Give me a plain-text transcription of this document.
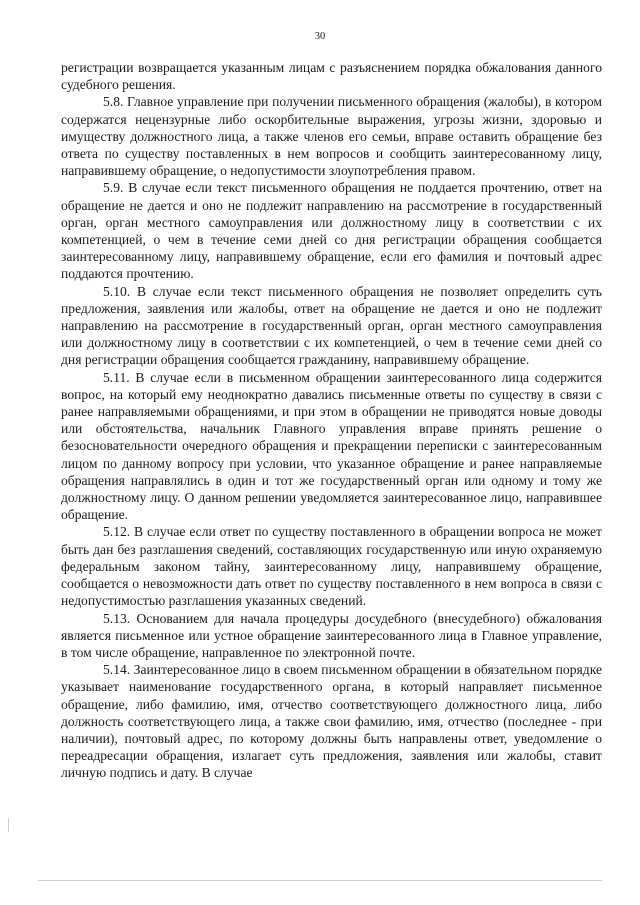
30

регистрации возвращается указанным лицам с разъяснением порядка обжалования данного судебного решения.

5.8. Главное управление при получении письменного обращения (жалобы), в котором содержатся нецензурные либо оскорбительные выражения, угрозы жизни, здоровью и имуществу должностного лица, а также членов его семьи, вправе оставить обращение без ответа по существу поставленных в нем вопросов и сообщить заинтересованному лицу, направившему обращение, о недопустимости злоупотребления правом.

5.9. В случае если текст письменного обращения не поддается прочтению, ответ на обращение не дается и оно не подлежит направлению на рассмотрение в государственный орган, орган местного самоуправления или должностному лицу в соответствии с их компетенцией, о чем в течение семи дней со дня регистрации обращения сообщается заинтересованному лицу, направившему обращение, если его фамилия и почтовый адрес поддаются прочтению.

5.10. В случае если текст письменного обращения не позволяет определить суть предложения, заявления или жалобы, ответ на обращение не дается и оно не подлежит направлению на рассмотрение в государственный орган, орган местного самоуправления или должностному лицу в соответствии с их компетенцией, о чем в течение семи дней со дня регистрации обращения сообщается гражданину, направившему обращение.

5.11. В случае если в письменном обращении заинтересованного лица содержится вопрос, на который ему неоднократно давались письменные ответы по существу в связи с ранее направляемыми обращениями, и при этом в обращении не приводятся новые доводы или обстоятельства, начальник Главного управления вправе принять решение о безосновательности очередного обращения и прекращении переписки с заинтересованным лицом по данному вопросу при условии, что указанное обращение и ранее направляемые обращения направлялись в один и тот же государственный орган или одному и тому же должностному лицу. О данном решении уведомляется заинтересованное лицо, направившее обращение.

5.12. В случае если ответ по существу поставленного в обращении вопроса не может быть дан без разглашения сведений, составляющих государственную или иную охраняемую федеральным законом тайну, заинтересованному лицу, направившему обращение, сообщается о невозможности дать ответ по существу поставленного в нем вопроса в связи с недопустимостью разглашения указанных сведений.

5.13. Основанием для начала процедуры досудебного (внесудебного) обжалования является письменное или устное обращение заинтересованного лица в Главное управление, в том числе обращение, направленное по электронной почте.

5.14. Заинтересованное лицо в своем письменном обращении в обязательном порядке указывает наименование государственного органа, в который направляет письменное обращение, либо фамилию, имя, отчество соответствующего должностного лица, либо должность соответствующего лица, а также свои фамилию, имя, отчество (последнее - при наличии), почтовый адрес, по которому должны быть направлены ответ, уведомление о переадресации обращения, излагает суть предложения, заявления или жалобы, ставит личную подпись и дату. В случае
